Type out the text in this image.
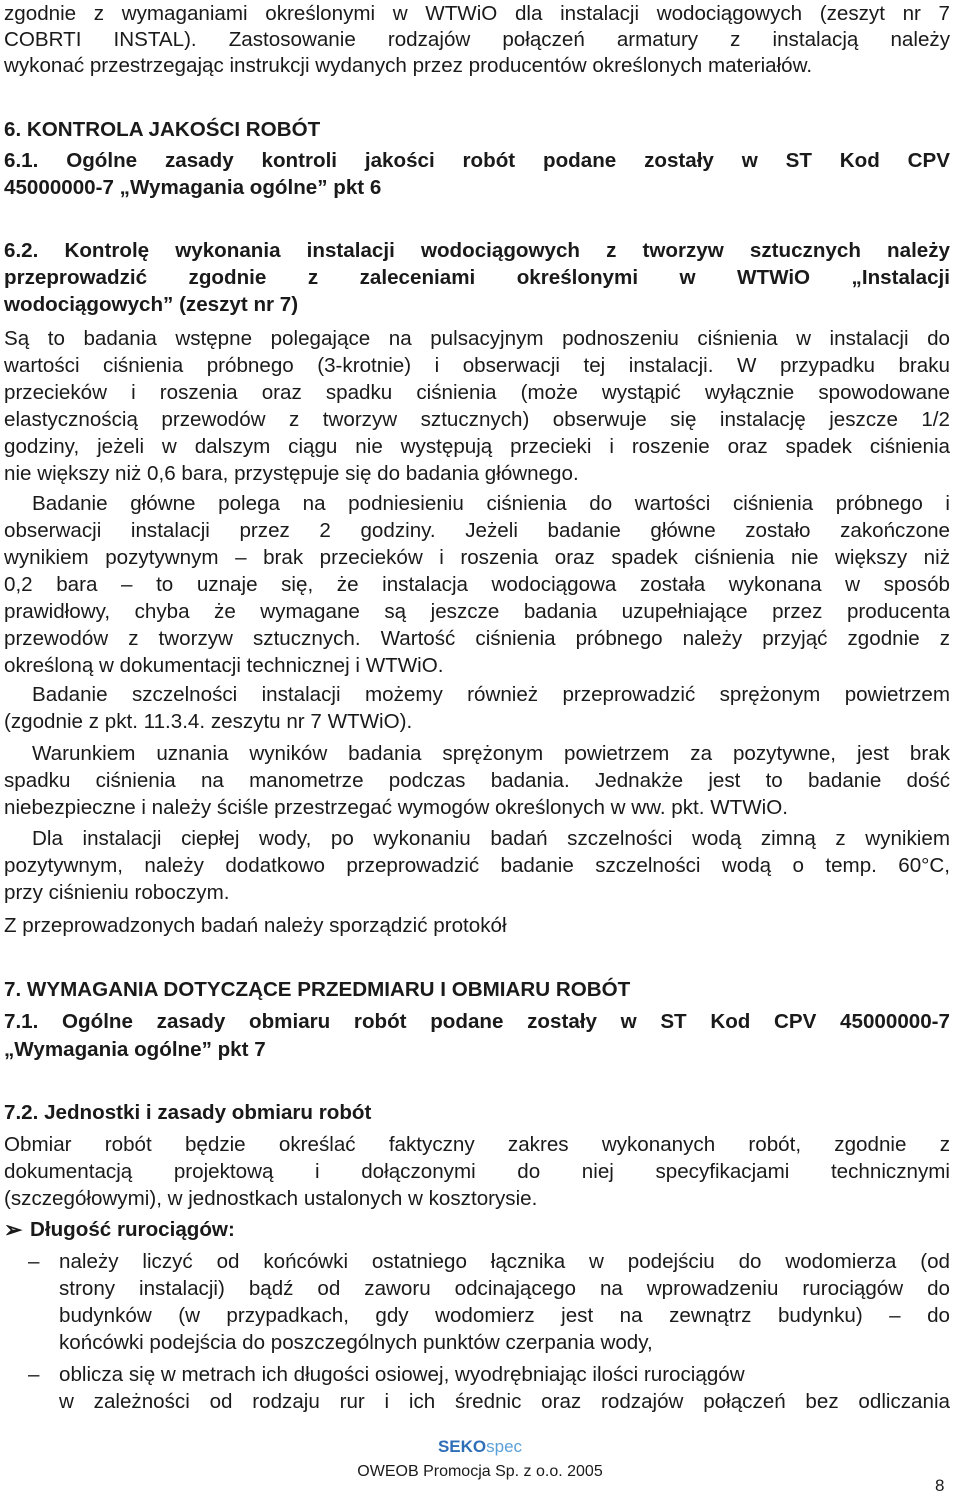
zgodnie z wymaganiami określonymi w WTWiO dla instalacji wodociągowych (zeszyt nr 7
COBRTI INSTAL). Zastosowanie rodzajów połączeń armatury z instalacją należy
wykonać przestrzegając instrukcji wydanych przez producentów określonych materiałów.
6. KONTROLA JAKOŚCI ROBÓT
6.1. Ogólne zasady kontroli jakości robót podane zostały w ST Kod CPV
45000000-7 „Wymagania ogólne” pkt 6
6.2. Kontrolę wykonania instalacji wodociągowych z tworzyw sztucznych należy
przeprowadzić zgodnie z zaleceniami określonymi w WTWiO „Instalacji
wodociągowych” (zeszyt nr 7)
Są to badania wstępne polegające na pulsacyjnym podnoszeniu ciśnienia w instalacji do
wartości ciśnienia próbnego (3-krotnie) i obserwacji tej instalacji. W przypadku braku
przecieków i roszenia oraz spadku ciśnienia (może wystąpić wyłącznie spowodowane
elastycznością przewodów z tworzyw sztucznych) obserwuje się instalację jeszcze 1/2
godziny, jeżeli w dalszym ciągu nie występują przecieki i roszenie oraz spadek ciśnienia
nie większy niż 0,6 bara, przystępuje się do badania głównego.
Badanie główne polega na podniesieniu ciśnienia do wartości ciśnienia próbnego i
obserwacji instalacji przez 2 godziny. Jeżeli badanie główne zostało zakończone
wynikiem pozytywnym – brak przecieków i roszenia oraz spadek ciśnienia nie większy niż
0,2 bara – to uznaje się, że instalacja wodociągowa została wykonana w sposób
prawidłowy, chyba że wymagane są jeszcze badania uzupełniające przez producenta
przewodów z tworzyw sztucznych. Wartość ciśnienia próbnego należy przyjąć zgodnie z
określoną w dokumentacji technicznej i WTWiO.
Badanie szczelności instalacji możemy również przeprowadzić sprężonym powietrzem
(zgodnie z pkt. 11.3.4. zeszytu nr 7 WTWiO).
Warunkiem uznania wyników badania sprężonym powietrzem za pozytywne, jest brak
spadku ciśnienia na manometrze podczas badania. Jednakże jest to badanie dość
niebezpieczne i należy ściśle przestrzegać wymogów określonych w ww. pkt. WTWiO.
Dla instalacji ciepłej wody, po wykonaniu badań szczelności wodą zimną z wynikiem
pozytywnym, należy dodatkowo przeprowadzić badanie szczelności wodą o temp. 60°C,
przy ciśnieniu roboczym.
Z przeprowadzonych badań należy sporządzić protokół
7. WYMAGANIA DOTYCZĄCE PRZEDMIARU I OBMIARU ROBÓT
7.1. Ogólne zasady obmiaru robót podane zostały w ST Kod CPV 45000000-7
„Wymagania ogólne” pkt 7
7.2. Jednostki i zasady obmiaru robót
Obmiar robót będzie określać faktyczny zakres wykonanych robót, zgodnie z
dokumentacją projektową i dołączonymi do niej specyfikacjami technicznymi
(szczegółowymi), w jednostkach ustalonych w kosztorysie.
➢ Długość rurociągów:
– należy liczyć od końcówki ostatniego łącznika w podejściu do wodomierza (od
strony instalacji) bądź od zaworu odcinającego na wprowadzeniu rurociągów do
budynków (w przypadkach, gdy wodomierz jest na zewnątrz budynku) – do
końcówki podejścia do poszczególnych punktów czerpania wody,
– oblicza się w metrach ich długości osiowej, wyodrębniając ilości rurociągów
w zależności od rodzaju rur i ich średnic oraz rodzajów połączeń bez odliczania
SEKOspec
OWEOB Promocja Sp. z o.o. 2005
8
